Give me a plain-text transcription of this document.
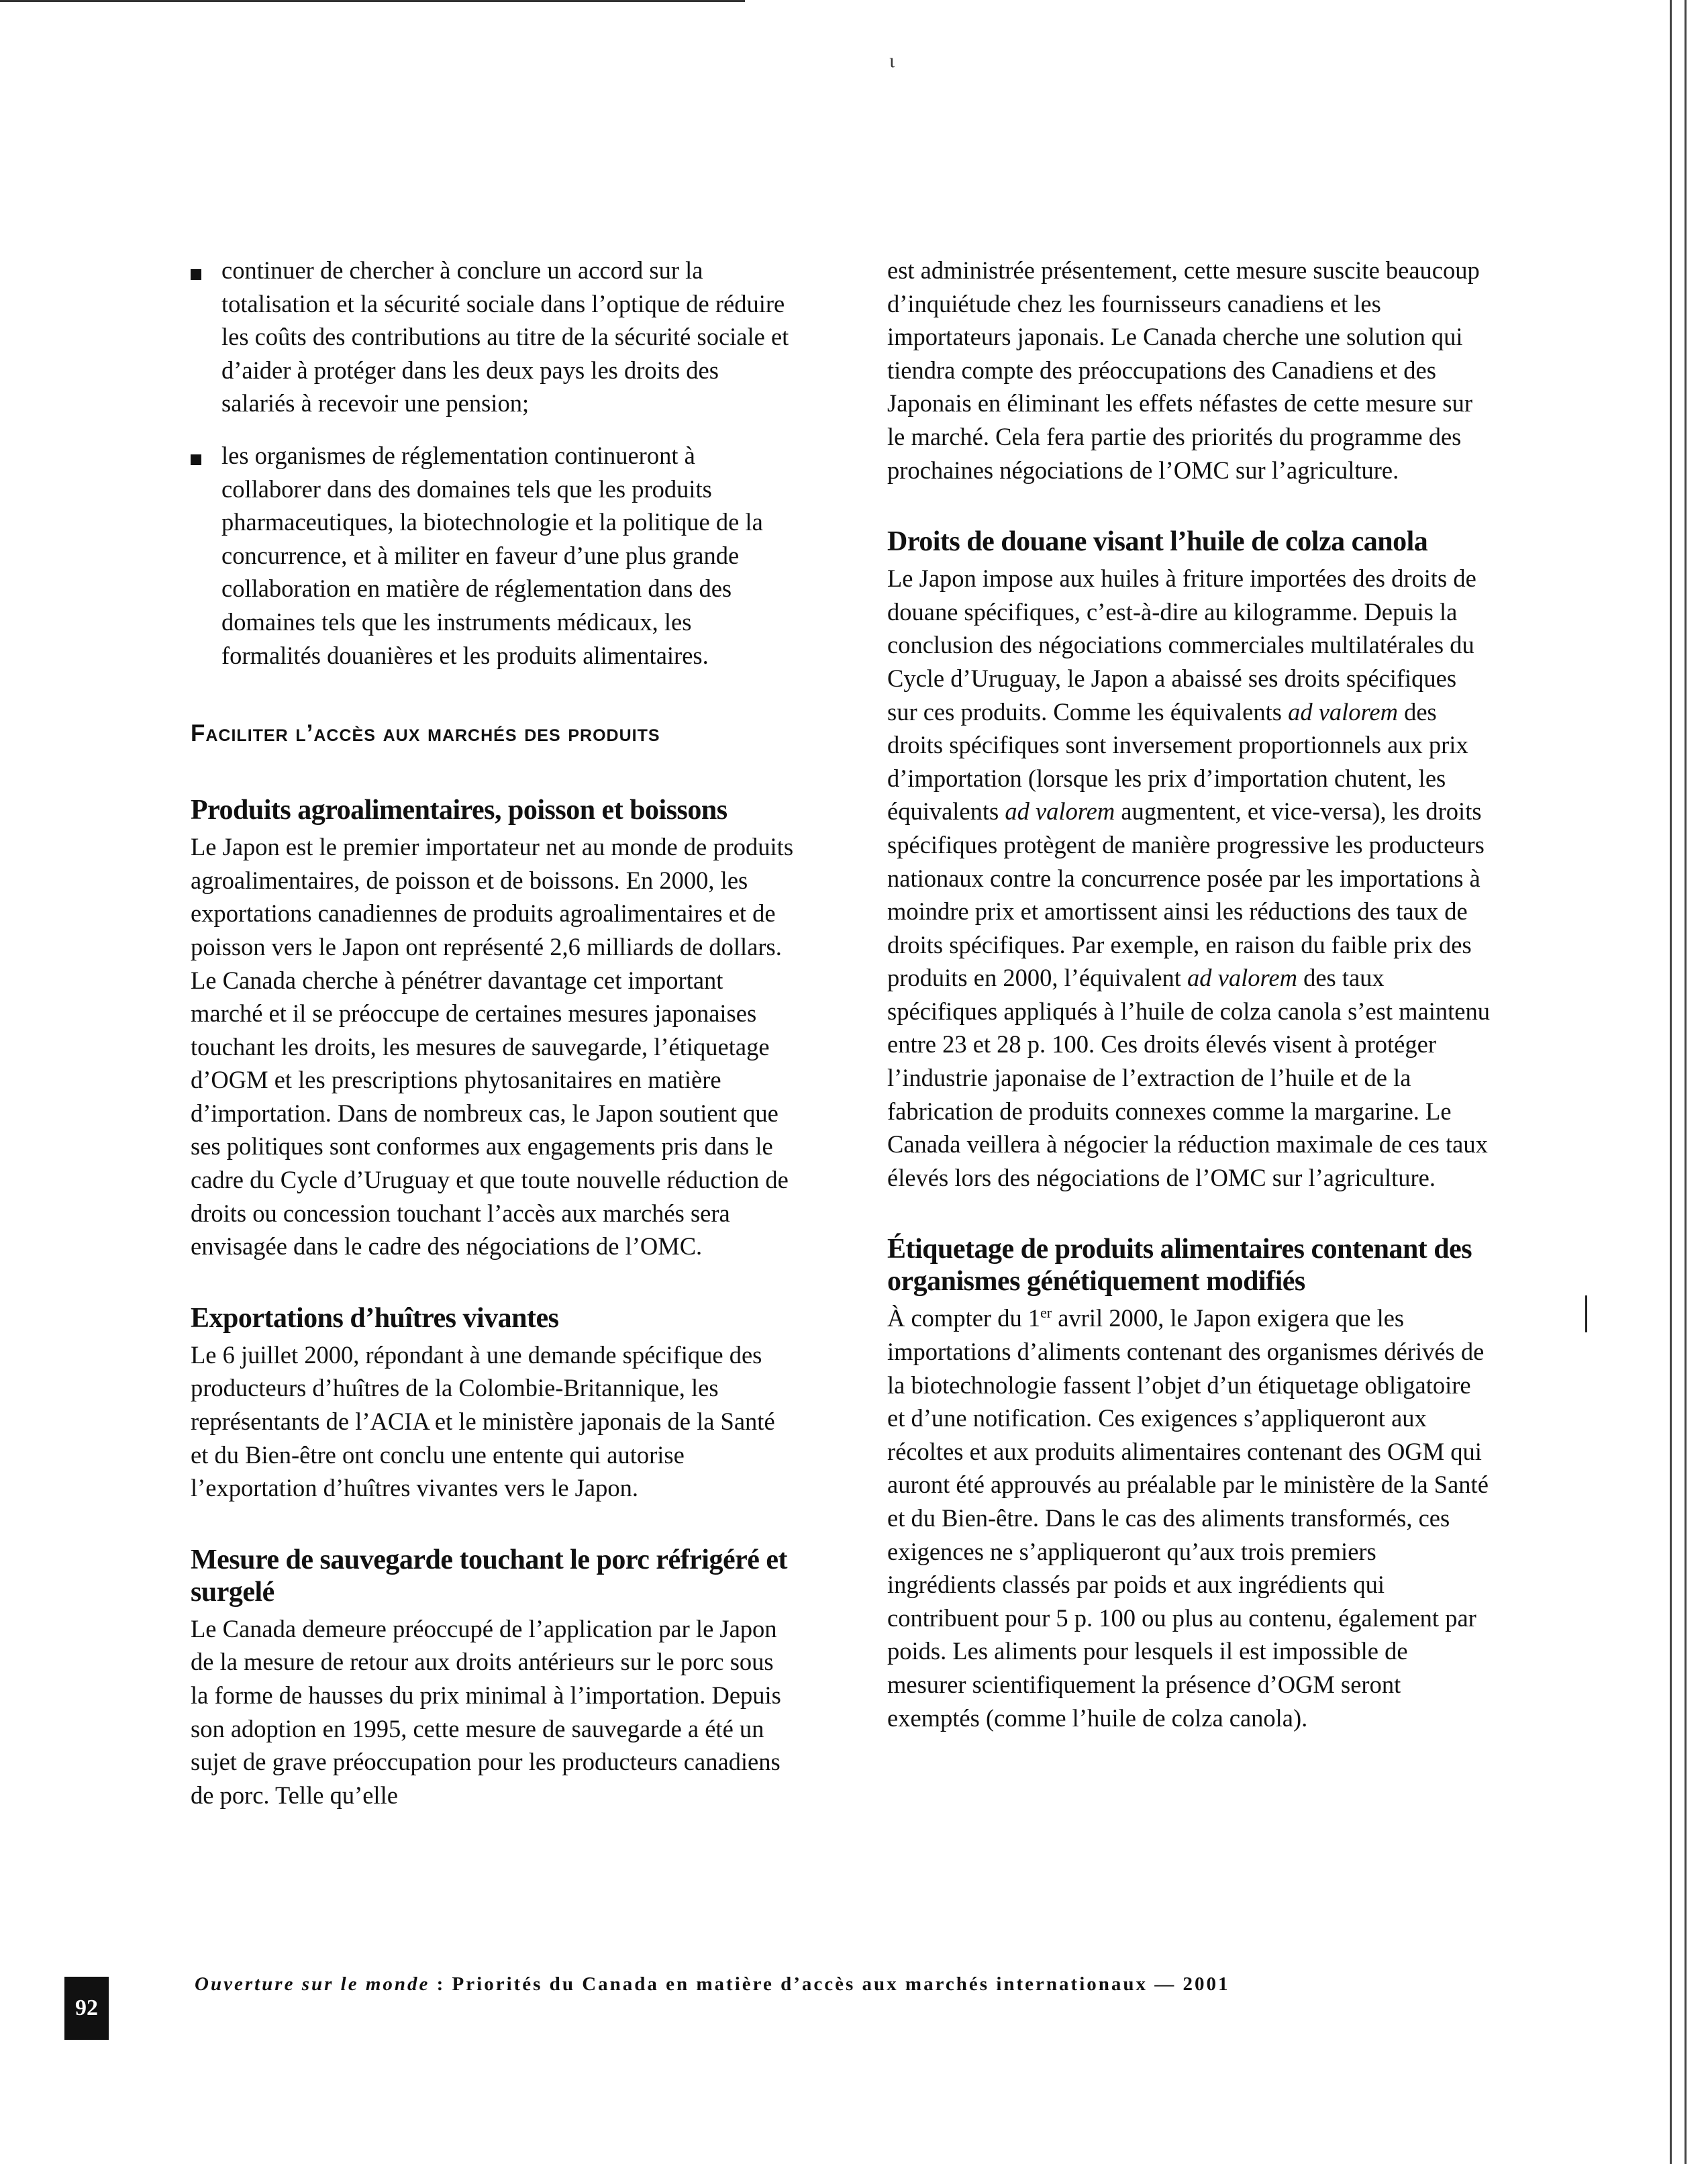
ι
continuer de chercher à conclure un accord sur la totalisation et la sécurité sociale dans l’optique de réduire les coûts des contributions au titre de la sécurité sociale et d’aider à protéger dans les deux pays les droits des salariés à recevoir une pension;
les organismes de réglementation continueront à collaborer dans des domaines tels que les produits pharmaceutiques, la biotechnologie et la politique de la concurrence, et à militer en faveur d’une plus grande collaboration en matière de réglementation dans des domaines tels que les instruments médicaux, les formalités douanières et les produits alimentaires.
Faciliter l’accès aux marchés des produits
Produits agroalimentaires, poisson et boissons

Le Japon est le premier importateur net au monde de produits agroalimentaires, de poisson et de boissons. En 2000, les exportations canadiennes de produits agroalimentaires et de poisson vers le Japon ont représenté 2,6 milliards de dollars. Le Canada cherche à pénétrer davantage cet important marché et il se préoccupe de certaines mesures japonaises touchant les droits, les mesures de sauvegarde, l’étiquetage d’OGM et les prescriptions phytosanitaires en matière d’importation. Dans de nombreux cas, le Japon soutient que ses politiques sont conformes aux engagements pris dans le cadre du Cycle d’Uruguay et que toute nouvelle réduction de droits ou concession touchant l’accès aux marchés sera envisagée dans le cadre des négociations de l’OMC.

Exportations d’huîtres vivantes

Le 6 juillet 2000, répondant à une demande spécifique des producteurs d’huîtres de la Colombie-Britannique, les représentants de l’ACIA et le ministère japonais de la Santé et du Bien-être ont conclu une entente qui autorise l’exportation d’huîtres vivantes vers le Japon.

Mesure de sauvegarde touchant le porc réfrigéré et surgelé

Le Canada demeure préoccupé de l’application par le Japon de la mesure de retour aux droits antérieurs sur le porc sous la forme de hausses du prix minimal à l’importation. Depuis son adoption en 1995, cette mesure de sauvegarde a été un sujet de grave préoccupation pour les producteurs canadiens de porc. Telle qu’elle

est administrée présentement, cette mesure suscite beaucoup d’inquiétude chez les fournisseurs canadiens et les importateurs japonais. Le Canada cherche une solution qui tiendra compte des préoccupations des Canadiens et des Japonais en éliminant les effets néfastes de cette mesure sur le marché. Cela fera partie des priorités du programme des prochaines négociations de l’OMC sur l’agriculture.

Droits de douane visant l’huile de colza canola

Le Japon impose aux huiles à friture importées des droits de douane spécifiques, c’est-à-dire au kilogramme. Depuis la conclusion des négociations commerciales multilatérales du Cycle d’Uruguay, le Japon a abaissé ses droits spécifiques sur ces produits. Comme les équivalents ad valorem des droits spécifiques sont inversement proportionnels aux prix d’importation (lorsque les prix d’importation chutent, les équivalents ad valorem augmentent, et vice-versa), les droits spécifiques protègent de manière progressive les producteurs nationaux contre la concurrence posée par les importations à moindre prix et amortissent ainsi les réductions des taux de droits spécifiques. Par exemple, en raison du faible prix des produits en 2000, l’équivalent ad valorem des taux spécifiques appliqués à l’huile de colza canola s’est maintenu entre 23 et 28 p. 100. Ces droits élevés visent à protéger l’industrie japonaise de l’extraction de l’huile et de la fabrication de produits connexes comme la margarine. Le Canada veillera à négocier la réduction maximale de ces taux élevés lors des négociations de l’OMC sur l’agriculture.

Étiquetage de produits alimentaires contenant des organismes génétiquement modifiés

À compter du 1er avril 2000, le Japon exigera que les importations d’aliments contenant des organismes dérivés de la biotechnologie fassent l’objet d’un étiquetage obligatoire et d’une notification. Ces exigences s’appliqueront aux récoltes et aux produits alimentaires contenant des OGM qui auront été approuvés au préalable par le ministère de la Santé et du Bien-être. Dans le cas des aliments transformés, ces exigences ne s’appliqueront qu’aux trois premiers ingrédients classés par poids et aux ingrédients qui contribuent pour 5 p. 100 ou plus au contenu, également par poids. Les aliments pour lesquels il est impossible de mesurer scientifiquement la présence d’OGM seront exemptés (comme l’huile de colza canola).

92
Ouverture sur le monde : Priorités du Canada en matière d’accès aux marchés internationaux — 2001
